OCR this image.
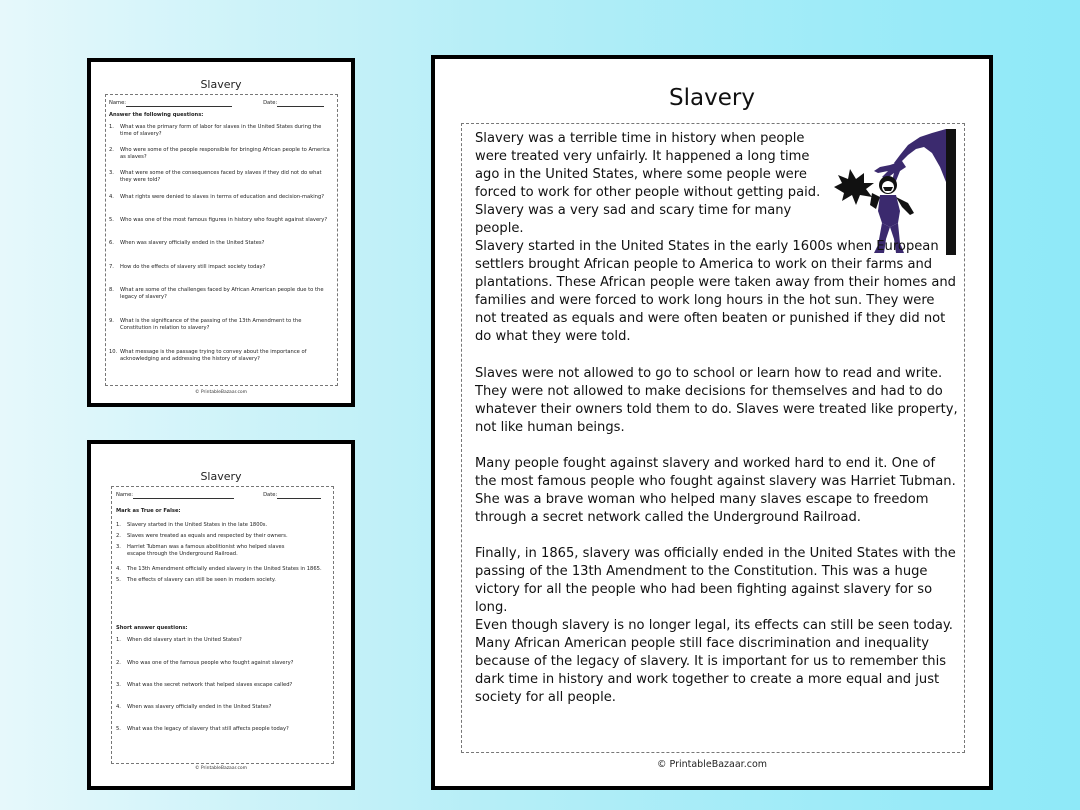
Slavery
Name:	Date:
Answer the following questions:
1.	What was the primary form of labor for slaves in the United States during the time of slavery?
2.	Who were some of the people responsible for bringing African people to America as slaves?
3.	What were some of the consequences faced by slaves if they did not do what they were told?
4.	What rights were denied to slaves in terms of education and decision-making?
5.	Who was one of the most famous figures in history who fought against slavery?
6.	When was slavery officially ended in the United States?
7.	How do the effects of slavery still impact society today?
8.	What are some of the challenges faced by African American people due to the legacy of slavery?
9.	What is the significance of the passing of the 13th Amendment to the Constitution in relation to slavery?
10. What message is the passage trying to convey about the importance of acknowledging and addressing the history of slavery?
© PrintableBazaar.com
Slavery
Name:	Date:
Mark as True or False:
1.	Slavery started in the United States in the late 1800s.
2.	Slaves were treated as equals and respected by their owners.
3.	Harriet Tubman was a famous abolitionist who helped slaves escape through the Underground Railroad.
4.	The 13th Amendment officially ended slavery in the United States in 1865.
5.	The effects of slavery can still be seen in modern society.
Short answer questions:
1.	When did slavery start in the United States?
2.	Who was one of the famous people who fought against slavery?
3.	What was the secret network that helped slaves escape called?
4.	When was slavery officially ended in the United States?
5.	What was the legacy of slavery that still affects people today?
© PrintableBazaar.com
Slavery

Slavery was a terrible time in history when people were treated very unfairly. It happened a long time ago in the United States, where some people were forced to work for other people without getting paid. Slavery was a very sad and scary time for many people.

Slavery started in the United States in the early 1600s when European settlers brought African people to America to work on their farms and plantations. These African people were taken away from their homes and families and were forced to work long hours in the hot sun. They were not treated as equals and were often beaten or punished if they did not do what they were told.

Slaves were not allowed to go to school or learn how to read and write. They were not allowed to make decisions for themselves and had to do whatever their owners told them to do. Slaves were treated like property, not like human beings.

Many people fought against slavery and worked hard to end it. One of the most famous people who fought against slavery was Harriet Tubman. She was a brave woman who helped many slaves escape to freedom through a secret network called the Underground Railroad.

Finally, in 1865, slavery was officially ended in the United States with the passing of the 13th Amendment to the Constitution. This was a huge victory for all the people who had been fighting against slavery for so long.

Even though slavery is no longer legal, its effects can still be seen today. Many African American people still face discrimination and inequality because of the legacy of slavery. It is important for us to remember this dark time in history and work together to create a more equal and just society for all people.

© PrintableBazaar.com
